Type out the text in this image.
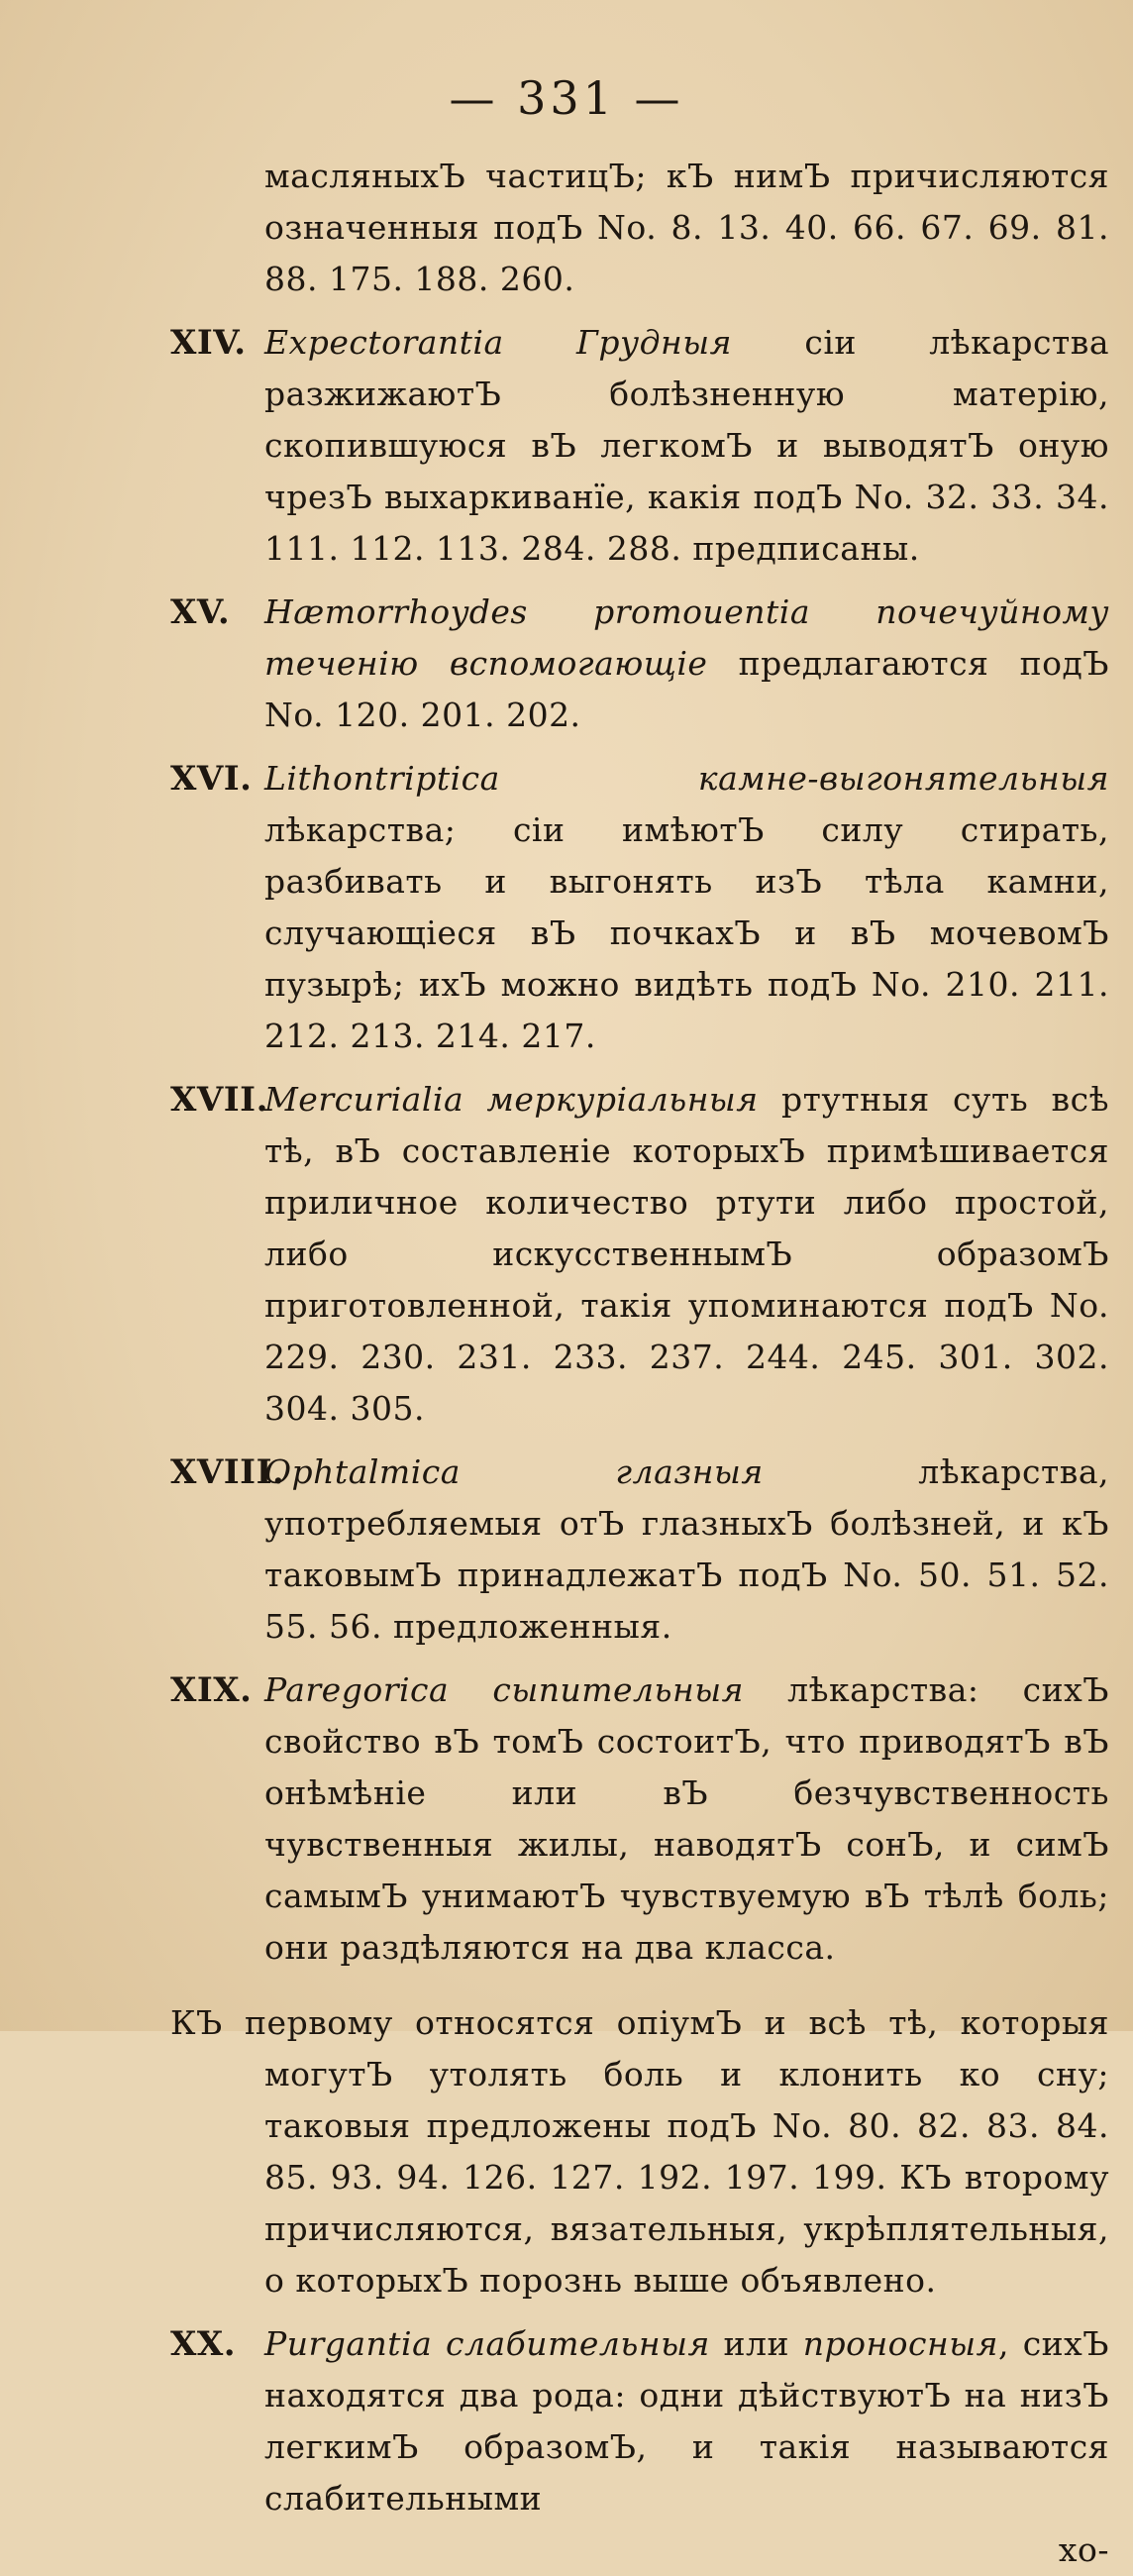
— 331 —

масляныхЪ частицЪ; кЪ нимЪ причисляются означенныя подЪ No. 8. 13. 40. 66. 67. 69. 81. 88. 175. 188. 260.

XIV. Expectorantia Грудныя сіи лѣкарства разжижаютЪ болѣзненную матерію, скопившуюся вЪ легкомЪ и выводятЪ оную чрезЪ выхаркиванїе, какія подЪ No. 32. 33. 34. 111. 112. 113. 284. 288. предписаны.

XV. Hæmorrhoydes promouentia почечуйному теченію вспомогающіе предлагаются подЪ No. 120. 201. 202.

XVI. Lithontriptica	камне-выгонятельныя лѣкарства; сіи имѣютЪ силу стирать, разбивать и выгонять изЪ тѣла камни, случающіеся вЪ почкахЪ и вЪ мочевомЪ пузырѣ; ихЪ можно видѣть подЪ No. 210. 211. 212. 213. 214. 217.

XVII.

Mercurialia меркуріальныя ртутныя суть всѣ тѣ, вЪ составленіе которыхЪ примѣшивается приличное количество ртути либо простой, либо искусственнымЪ образомЪ приготовленной, такія упоминаются подЪ No. 229. 230. 231. 233. 237. 244. 245. 301. 302. 304. 305.

XVIII.

Ophtalmica	глазныя лѣкарства, употребляемыя отЪ глазныхЪ болѣзней, и кЪ таковымЪ принадлежатЪ подЪ No. 50. 51. 52. 55. 56. предложенныя.

XIX. Paregorica сыпительныя лѣкарства: сихЪ свойство вЪ томЪ состоитЪ, что приводятЪ вЪ онѣмѣніе или вЪ безчувственность чувственныя жилы, наводятЪ сонЪ, и симЪ самымЪ унимаютЪ чувствуемую вЪ тѣлѣ боль; они раздѣляются на два класса.

КЪ первому относятся опіумЪ и всѣ тѣ, которыя могутЪ утолять боль и клонить ко сну; таковыя предложены подЪ No. 80. 82. 83. 84. 85. 93. 94. 126. 127. 192. 197. 199. КЪ второму причисляются, вязательныя, укрѣплятельныя, о которыхЪ порознь выше объявлено.

XX. Purgantia слабительныя или проносныя, сихЪ находятся два рода: одни дѣйствуютЪ на низЪ легкимЪ образомЪ, и такія называются слабительными

хо-
